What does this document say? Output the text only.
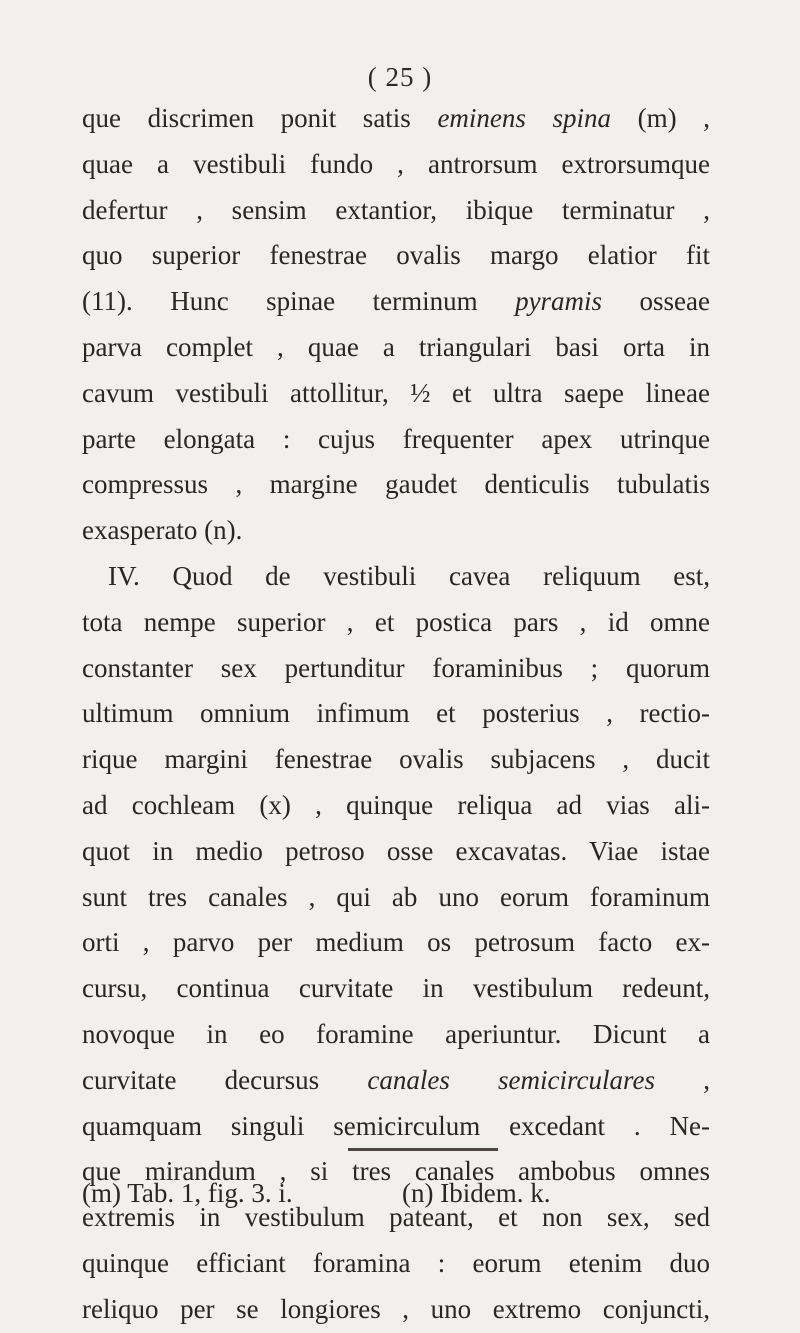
( 25 )
que discrimen ponit satis eminens spina (m) ,
quae a vestibuli fundo , antrorsum extrorsumque
defertur , sensim extantior, ibique terminatur ,
quo superior fenestrae ovalis margo elatior fit
(11). Hunc spinae terminum pyramis osseae
parva complet , quae a triangulari basi orta in
cavum vestibuli attollitur, ½ et ultra saepe lineae
parte elongata : cujus frequenter apex utrinque
compressus , margine gaudet denticulis tubulatis
exasperato (n).
IV. Quod de vestibuli cavea reliquum est,
tota nempe superior , et postica pars , id omne
constanter sex pertunditur foraminibus ; quorum
ultimum omnium infimum et posterius , rectio-
rique margini fenestrae ovalis subjacens , ducit
ad cochleam (x) , quinque reliqua ad vias ali-
quot in medio petroso osse excavatas. Viae istae
sunt tres canales , qui ab uno eorum foraminum
orti , parvo per medium os petrosum facto ex-
cursu, continua curvitate in vestibulum redeunt,
novoque in eo foramine aperiuntur. Dicunt a
curvitate decursus canales semicirculares ,
quamquam singuli semicirculum excedant . Ne-
que mirandum , si tres canales ambobus omnes
extremis in vestibulum pateant, et non sex, sed
quinque efficiant foramina : eorum etenim duo
reliquo per se longiores , uno extremo conjuncti,
(m) Tab. 1, fig. 3. i.	(n) Ibidem. k.
